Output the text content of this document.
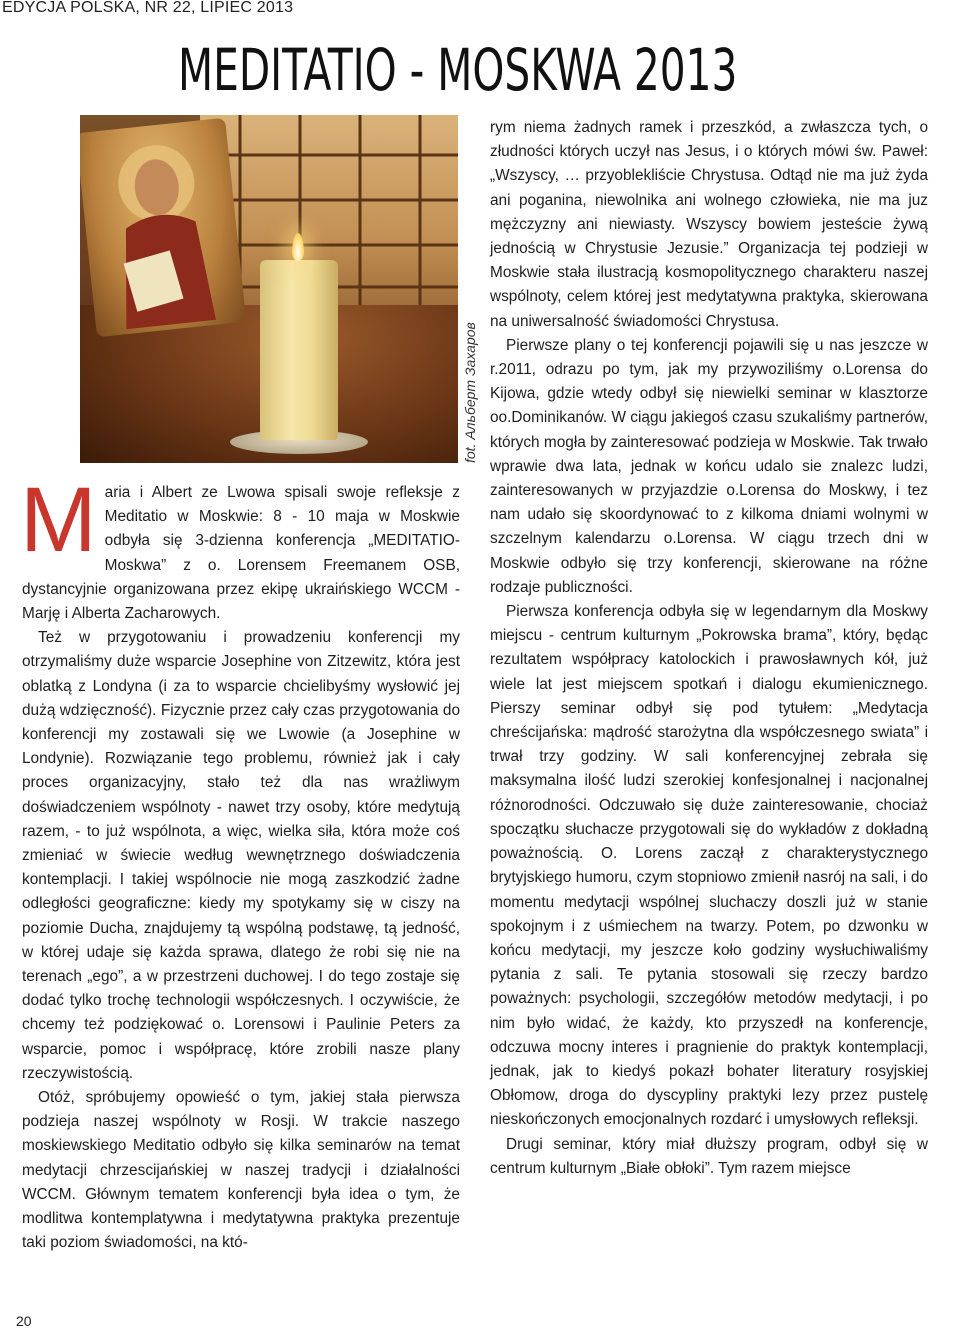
EDYCJA POLSKA, NR 22, LIPIEC 2013
MEDITATIO - MOSKWA 2013
fot. Альберт Захаров

Maria i Albert ze Lwowa spisali swoje refleksje z Meditatio w Moskwie: 8 - 10 maja w Moskwie odbyła się 3-dzienna konferencja „MEDITATIO-Moskwa” z o. Lorensem Freemanem OSB, dystancyjnie organizowana przez ekipę ukraińskiego WCCM - Marję i Alberta Zacharowych.

Też w przygotowaniu i prowadzeniu konferencji my otrzymaliśmy duże wsparcie Josephine von Zitzewitz, która jest oblatką z Londyna (i za to wsparcie chcielibyśmy wysłowić jej dużą wdzięczność). Fizycznie przez cały czas przygotowania do konferencji my zostawali się we Lwowie (a Josephine w Londynie). Rozwiązanie tego problemu, również jak i cały proces organizacyjny, stało też dla nas wrażliwym doświadczeniem wspólnoty - nawet trzy osoby, które medytują razem, - to już wspólnota, a więc, wielka siła, która może coś zmieniać w świecie według wewnętrznego doświadczenia kontemplacji. I takiej wspólnocie nie mogą zaszkodzić żadne odległości geograficzne: kiedy my spotykamy się w ciszy na poziomie Ducha, znajdujemy tą wspólną podstawę, tą jedność, w której udaje się każda sprawa, dlatego że robi się nie na terenach „ego”, a w przestrzeni duchowej. I do tego zostaje się dodać tylko trochę technologii współczesnych. I oczywiście, że chcemy też podziękować o. Lorensowi i Paulinie Peters za wsparcie, pomoc i współpracę, które zrobili nasze plany rzeczywistością.

Otóż, spróbujemy opowieść o tym, jakiej stała pierwsza podzieja naszej wspólnoty w Rosji. W trakcie naszego moskiewskiego Meditatio odbyło się kilka seminarów na temat medytacji chrzescijańskiej w naszej tradycji i działalności WCCM. Głównym tematem konferencji była idea o tym, że modlitwa kontemplatywna i medytatywna praktyka prezentuje taki poziom świadomości, na któ-

rym niema żadnych ramek i przeszkód, a zwłaszcza tych, o złudności których uczył nas Jesus, i o których mówi św. Paweł: „Wszyscy, … przyoblekliście Chrystusa. Odtąd nie ma już żyda ani poganina, niewolnika ani wolnego człowieka, nie ma juz mężczyzny ani niewiasty. Wszyscy bowiem jesteście żywą jednością w Chrystusie Jezusie.” Organizacja tej podzieji w Moskwie stała ilustracją kosmopolitycznego charakteru naszej wspólnoty, celem której jest medytatywna praktyka, skierowana na uniwersalność świadomości Chrystusa.

Pierwsze plany o tej konferencji pojawili się u nas jeszcze w r.2011, odrazu po tym, jak my przywoziliśmy o.Lorensa do Kijowa, gdzie wtedy odbył się niewielki seminar w klasztorze oo.Dominikanów. W ciągu jakiegoś czasu szukaliśmy partnerów, których mogła by zainteresować podzieja w Moskwie. Tak trwało wprawie dwa lata, jednak w końcu udalo sie znalezc ludzi, zainteresowanych w przyjazdzie o.Lorensa do Moskwy, i tez nam udało się skoordynować to z kilkoma dniami wolnymi w szczelnym kalendarzu o.Lorensa. W ciągu trzech dni w Moskwie odbyło się trzy konferencji, skierowane na różne rodzaje publiczności.

Pierwsza konferencja odbyła się w legendarnym dla Moskwy miejscu - centrum kulturnym „Pokrowska brama”, który, będąc rezultatem współpracy katolockich i prawosławnych kół, już wiele lat jest miejscem spotkań i dialogu ekumienicznego. Pierszy seminar odbył się pod tytułem: „Medytacja chreścijańska: mądrość starożytna dla współczesnego swiata” i trwał trzy godziny. W sali konferencyjnej zebrała się maksymalna ilość ludzi szerokiej konfesjonalnej i nacjonalnej różnorodności. Odczuwało się duże zainteresowanie, chociaż spoczątku słuchacze przygotowali się do wykładów z dokładną poważnością. O. Lorens zaczął z charakterystycznego brytyjskiego humoru, czym stopniowo zmienił nasrój na sali, i do momentu medytacji wspólnej sluchaczy doszli już w stanie spokojnym i z uśmiechem na twarzy. Potem, po dzwonku w końcu medytacji, my jeszcze koło godziny wysłuchiwaliśmy pytania z sali. Te pytania stosowali się rzeczy bardzo poważnych: psychologii, szczegółów metodów medytacji, i po nim było widać, że każdy, kto przyszedł na konferencje, odczuwa mocny interes i pragnienie do praktyk kontemplacji, jednak, jak to kiedyś pokazł bohater literatury rosyjskiej Obłomow, droga do dyscypliny praktyki lezy przez pustelę nieskończonych emocjonalnych rozdarć i umysłowych refleksji.

Drugi seminar, który miał dłuższy program, odbył się w centrum kulturnym „Białe obłoki”. Tym razem miejsce

20
